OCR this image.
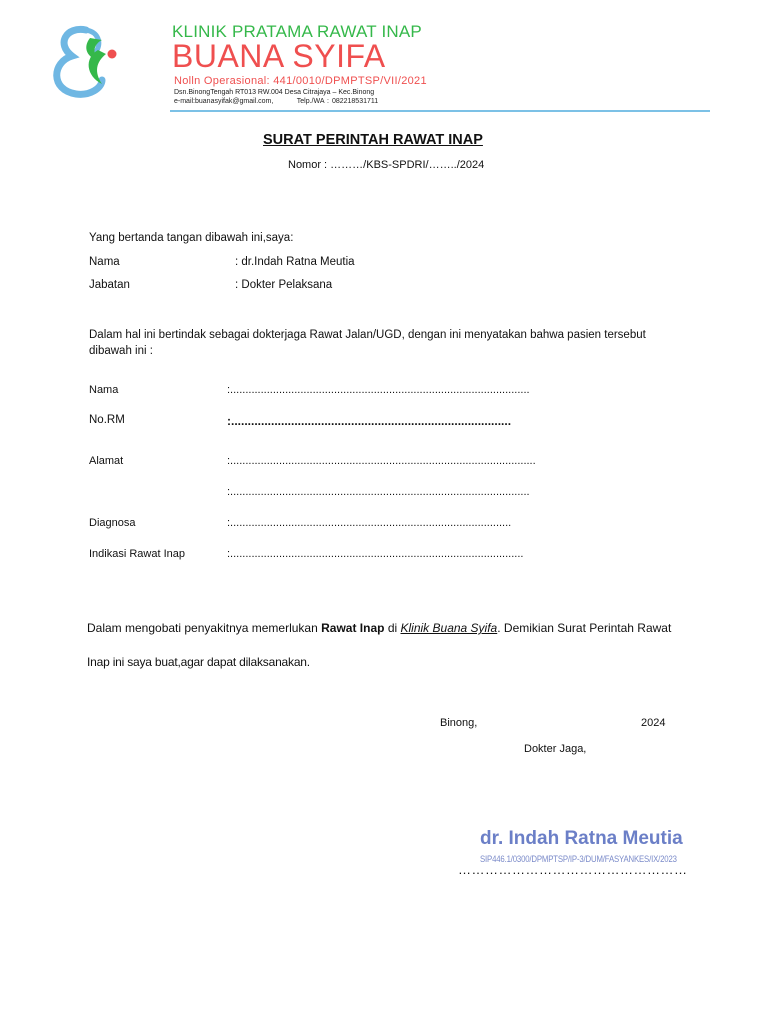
KLINIK PRATAMA RAWAT INAP
BUANA SYIFA
Nolln Operasional: 441/0010/DPMPTSP/VII/2021
Dsn.BinongTengah RT013 RW.004 Desa Citrajaya – Kec.Binong
e-mail:buanasyifak@gmail.com,	Telp./WA : 082218531711
SURAT PERINTAH RAWAT INAP
Nomor : ………/KBS-SPDRI/……../2024
Yang bertanda tangan dibawah ini,saya:
Nama	: dr.Indah Ratna Meutia
Jabatan	: Dokter Pelaksana
Dalam hal ini bertindak sebagai dokterjaga Rawat Jalan/UGD, dengan ini menyatakan bahwa pasien tersebut
dibawah ini :
Nama	:..................................................................................................
No.RM	:....................................................................................
Alamat	:....................................................................................................
:..................................................................................................
Diagnosa	:............................................................................................
Indikasi Rawat Inap	:................................................................................................
Dalam mengobati penyakitnya memerlukan Rawat Inap di Klinik Buana Syifa. Demikian Surat Perintah Rawat
Inap ini saya buat,agar dapat dilaksanakan.
Binong,	2024
Dokter Jaga,
dr. Indah Ratna Meutia
SIP446.1/0300/DPMPTSP/IP-3/DUM/FASYANKES/IX/2023
……………………………………………
